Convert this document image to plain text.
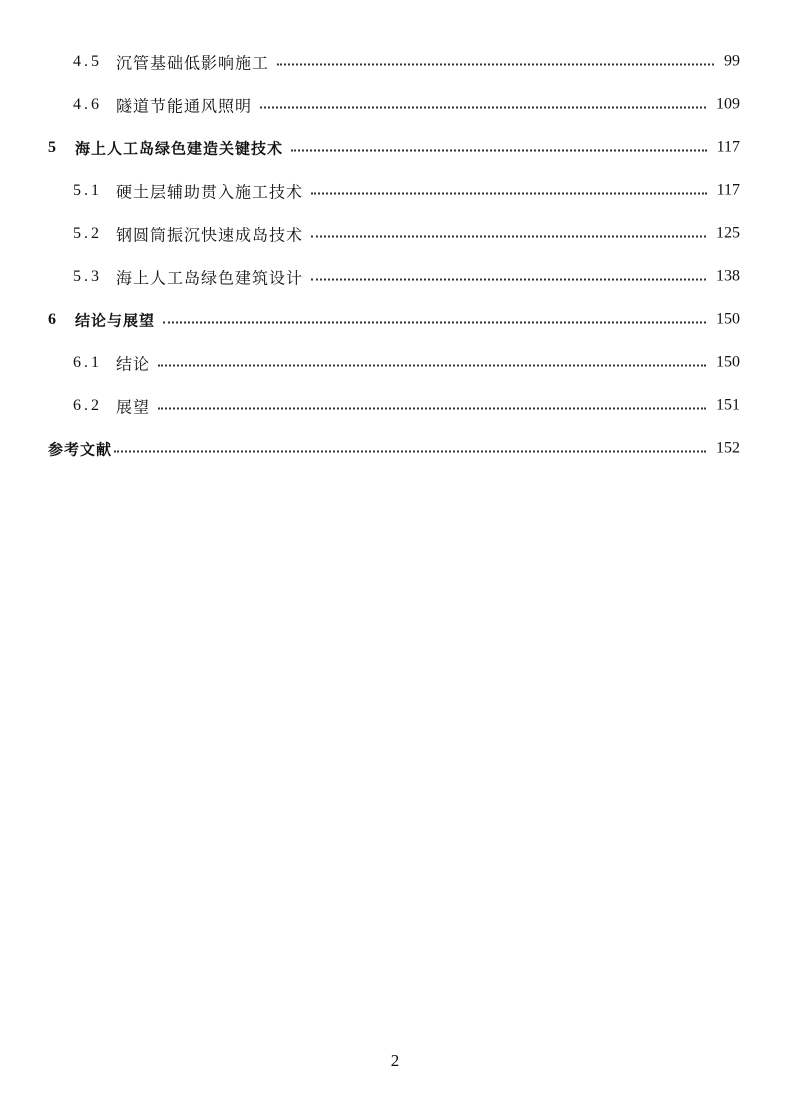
4.5 沉管基础低影响施工	99
4.6 隧道节能通风照明	109
5 海上人工岛绿色建造关键技术	117
5.1 硬土层辅助贯入施工技术	117
5.2 钢圆筒振沉快速成岛技术	125
5.3 海上人工岛绿色建筑设计	138
6 结论与展望	150
6.1 结论	150
6.2 展望	151
参考文献	152
2
